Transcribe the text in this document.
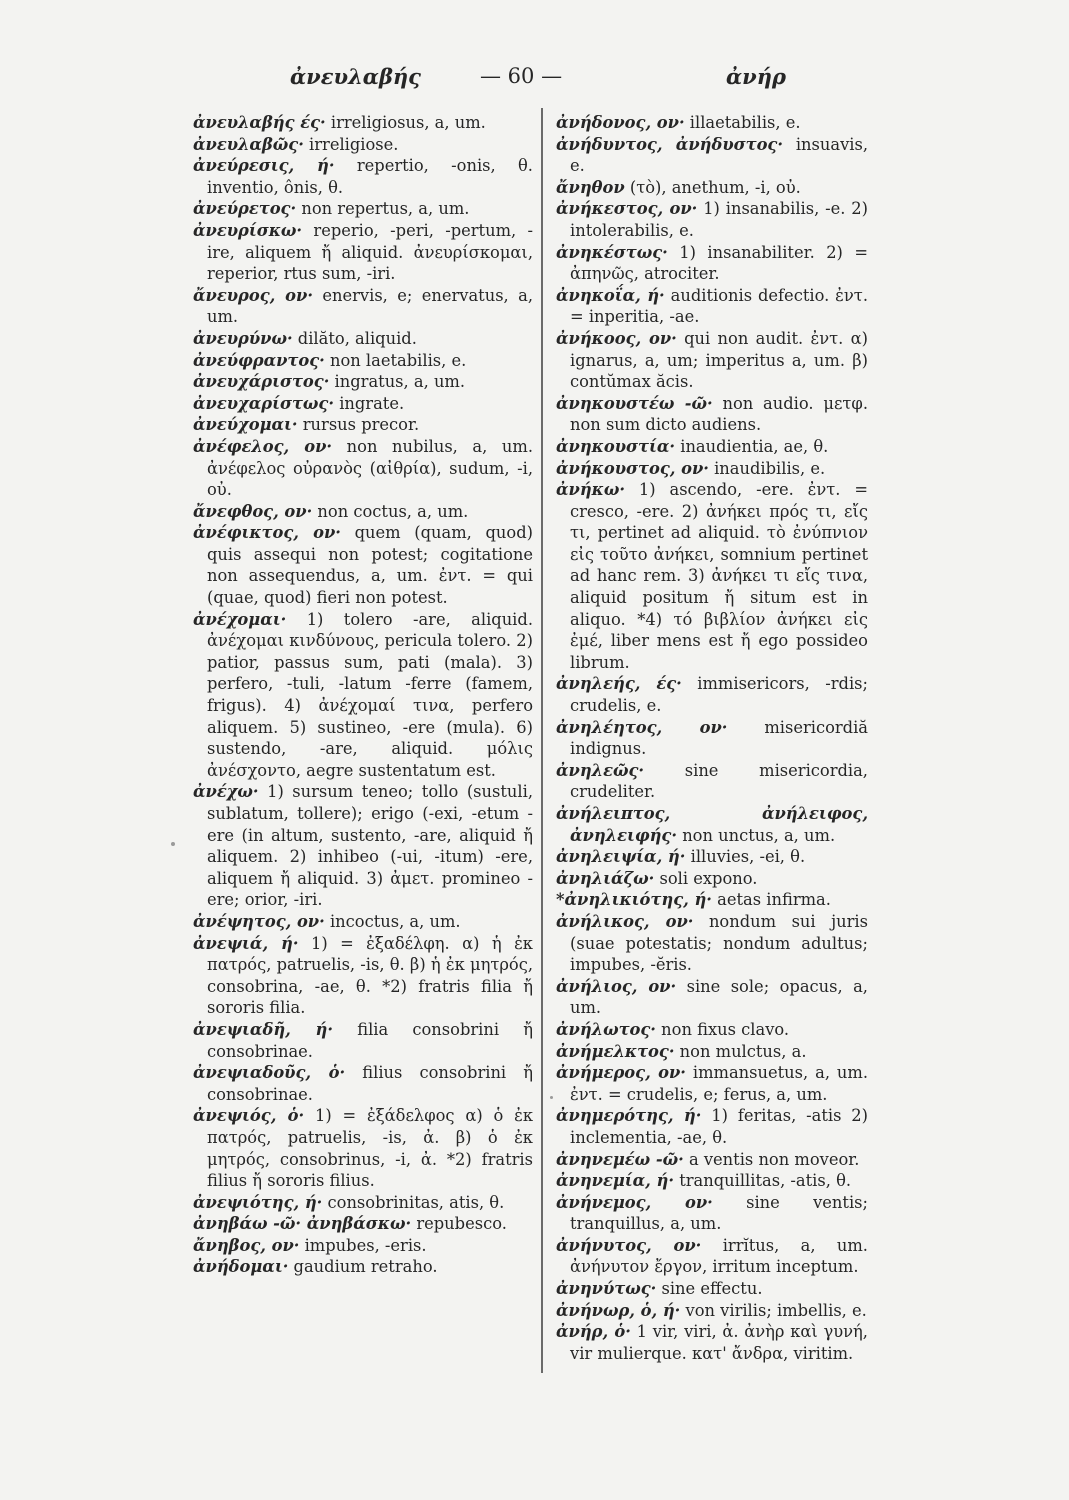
ἀνευλαβής	— 60 —	ἀνήρ

ἀνευλαβής ές· irreligiosus, a, um.

ἀνευλαβῶς· irreligiose.

ἀνεύρεσις, ή· repertio, -onis, θ. inventio, ônis, θ.

ἀνεύρετος· non repertus, a, um.

ἀνευρίσκω· reperio, -peri, -pertum, -ire, aliquem ἤ aliquid. ἀνευρίσκομαι, reperior, rtus sum, -iri.

ἄνευρος, ον· enervis, e; enervatus, a, um.

ἀνευρύνω· dilăto, aliquid.

ἀνεύφραντος· non laetabilis, e.

ἀνευχάριστος· ingratus, a, um.

ἀνευχαρίστως· ingrate.

ἀνεύχομαι· rursus precor.

ἀνέφελος, ον· non nubilus, a, um. ἀνέφελος οὐρανὸς (αἰθρία), sudum, -i, οὐ.

ἄνεφθος, ον· non coctus, a, um.

ἀνέφικτος, ον· quem (quam, quod) quis assequi non potest; cogitatione non assequendus, a, um. ἐντ. = qui (quae, quod) fieri non potest.

ἀνέχομαι· 1) tolero -are, aliquid. ἀνέχομαι κινδύνους, pericula tolero. 2) patior, passus sum, pati (mala). 3) perfero, -tuli, -latum -ferre (famem, frigus). 4) ἀνέχομαί τινα, perfero aliquem. 5) sustineo, -ere (mula). 6) sustendo, -are, aliquid. μόλις ἀνέσχοντο, aegre sustentatum est.

ἀνέχω· 1) sursum teneo; tollo (sustuli, sublatum, tollere); erigo (-exi, -etum -ere (in altum, sustento, -are, aliquid ἤ aliquem. 2) inhibeo (-ui, -itum) -ere, aliquem ἤ aliquid. 3) ἀμετ. promineo -ere; orior, -iri.

ἀνέψητος, ον· incoctus, a, um.

ἀνεψιά, ή· 1) = ἐξαδέλφη. α) ἡ ἐκ πατρός, patruelis, -is, θ. β) ἡ ἐκ μητρός, consobrina, -ae, θ. *2) fratris filia ἤ sororis filia.

ἀνεψιαδῆ, ή· filia consobrini ἤ consobrinae.

ἀνεψιαδοῦς, ὁ· filius consobrini ἤ consobrinae.

ἀνεψιός, ὁ· 1) = ἐξάδελφος α) ὁ ἐκ πατρός, patruelis, -is, ἀ. β) ὁ ἐκ μητρός, consobrinus, -i, ἀ. *2) fratris filius ἤ sororis filius.

ἀνεψιότης, ή· consobrinitas, atis, θ.

ἀνηβάω -ῶ· ἀνηβάσκω· repubesco.

ἄνηβος, ον· impubes, -eris.

ἀνήδομαι· gaudium retraho.

ἀνήδονος, ον· illaetabilis, e.

ἀνήδυντος, ἀνήδυστος· insuavis, e.

ἄνηθον (τὸ), anethum, -i, οὐ.

ἀνήκεστος, ον· 1) insanabilis, -e. 2) intolerabilis, e.

ἀνηκέστως· 1) insanabiliter. 2) = ἀπηνῶς, atrociter.

ἀνηκοΐα, ή· auditionis defectio. ἐντ. = inperitia, -ae.

ἀνήκοος, ον· qui non audit. ἐντ. α) ignarus, a, um; imperitus a, um. β) contŭmax ăcis.

ἀνηκουστέω -ῶ· non audio. μετφ. non sum dicto audiens.

ἀνηκουστία· inaudientia, ae, θ.

ἀνήκουστος, ον· inaudibilis, e.

ἀνήκω· 1) ascendo, -ere. ἐντ. = cresco, -ere. 2) ἀνήκει πρός τι, εἴς τι, pertinet ad aliquid. τὸ ἐνύπνιον εἰς τοῦτο ἀνήκει, somnium pertinet ad hanc rem. 3) ἀνήκει τι εἴς τινα, aliquid positum ἤ situm est in aliquo. *4) τό βιβλίον ἀνήκει εἰς ἐμέ, liber mens est ἤ ego possideo librum.

ἀνηλεής, ές· immisericors, -rdis; crudelis, e.

ἀνηλέητος, ον· misericordiă indignus.

ἀνηλεῶς· sine misericordia, crudeliter.

ἀνήλειπτος, ἀνήλειφος, ἀνηλειφής· non unctus, a, um.

ἀνηλειψία, ή· illuvies, -ei, θ.

ἀνηλιάζω· soli expono.

*ἀνηλικιότης, ή· aetas infirma.

ἀνήλικος, ον· nondum sui juris (suae potestatis; nondum adultus; impubes, -ĕris.

ἀνήλιος, ον· sine sole; opacus, a, um.

ἀνήλωτος· non fixus clavo.

ἀνήμελκτος· non mulctus, a.

ἀνήμερος, ον· immansuetus, a, um. ἐντ. = crudelis, e; ferus, a, um.

ἀνημερότης, ή· 1) feritas, -atis 2) inclementia, -ae, θ.

ἀνηνεμέω -ῶ· a ventis non moveor.

ἀνηνεμία, ή· tranquillitas, -atis, θ.

ἀνήνεμος, ον· sine ventis; tranquillus, a, um.

ἀνήνυτος, ον· irrĭtus, a, um. ἀνήνυτον ἔργον, irritum inceptum.

ἀνηνύτως· sine effectu.

ἀνήνωρ, ὁ, ή· von virilis; imbellis, e.

ἀνήρ, ὁ· 1 vir, viri, ἀ. ἀνὴρ καὶ γυνή, vir mulierque. κατ' ἄνδρα, viritim.
